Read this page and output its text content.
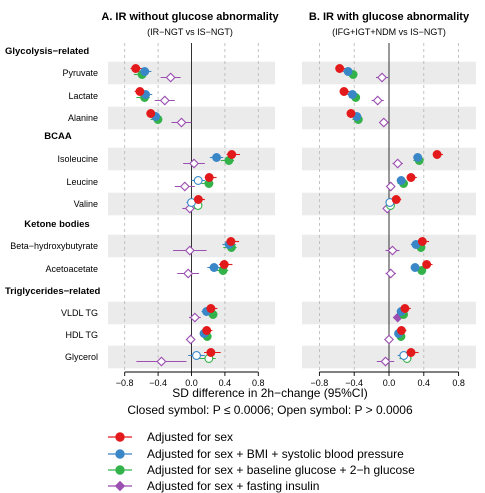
A. IR without glucose abnormality
(IR−NGT vs IS−NGT)
B. IR with glucose abnormality
(IFG+IGT+NDM vs IS−NGT)
Glycolysis−related
BCAA
Ketone bodies
Triglycerides−related
Pyruvate
Lactate
Alanine
Isoleucine
Leucine
Valine
Beta−hydroxybutyrate
Acetoacetate
VLDL TG
HDL TG
Glycerol
−0.8 −0.4 0.0 0.4 0.8	−0.8 −0.4 0.0 0.4 0.8
SD difference in 2h−change (95%CI)
Closed symbol: P ≤ 0.0006; Open symbol: P > 0.0006
Adjusted for sex
Adjusted for sex + BMI + systolic blood pressure
Adjusted for sex + baseline glucose + 2−h glucose
Adjusted for sex + fasting insulin
